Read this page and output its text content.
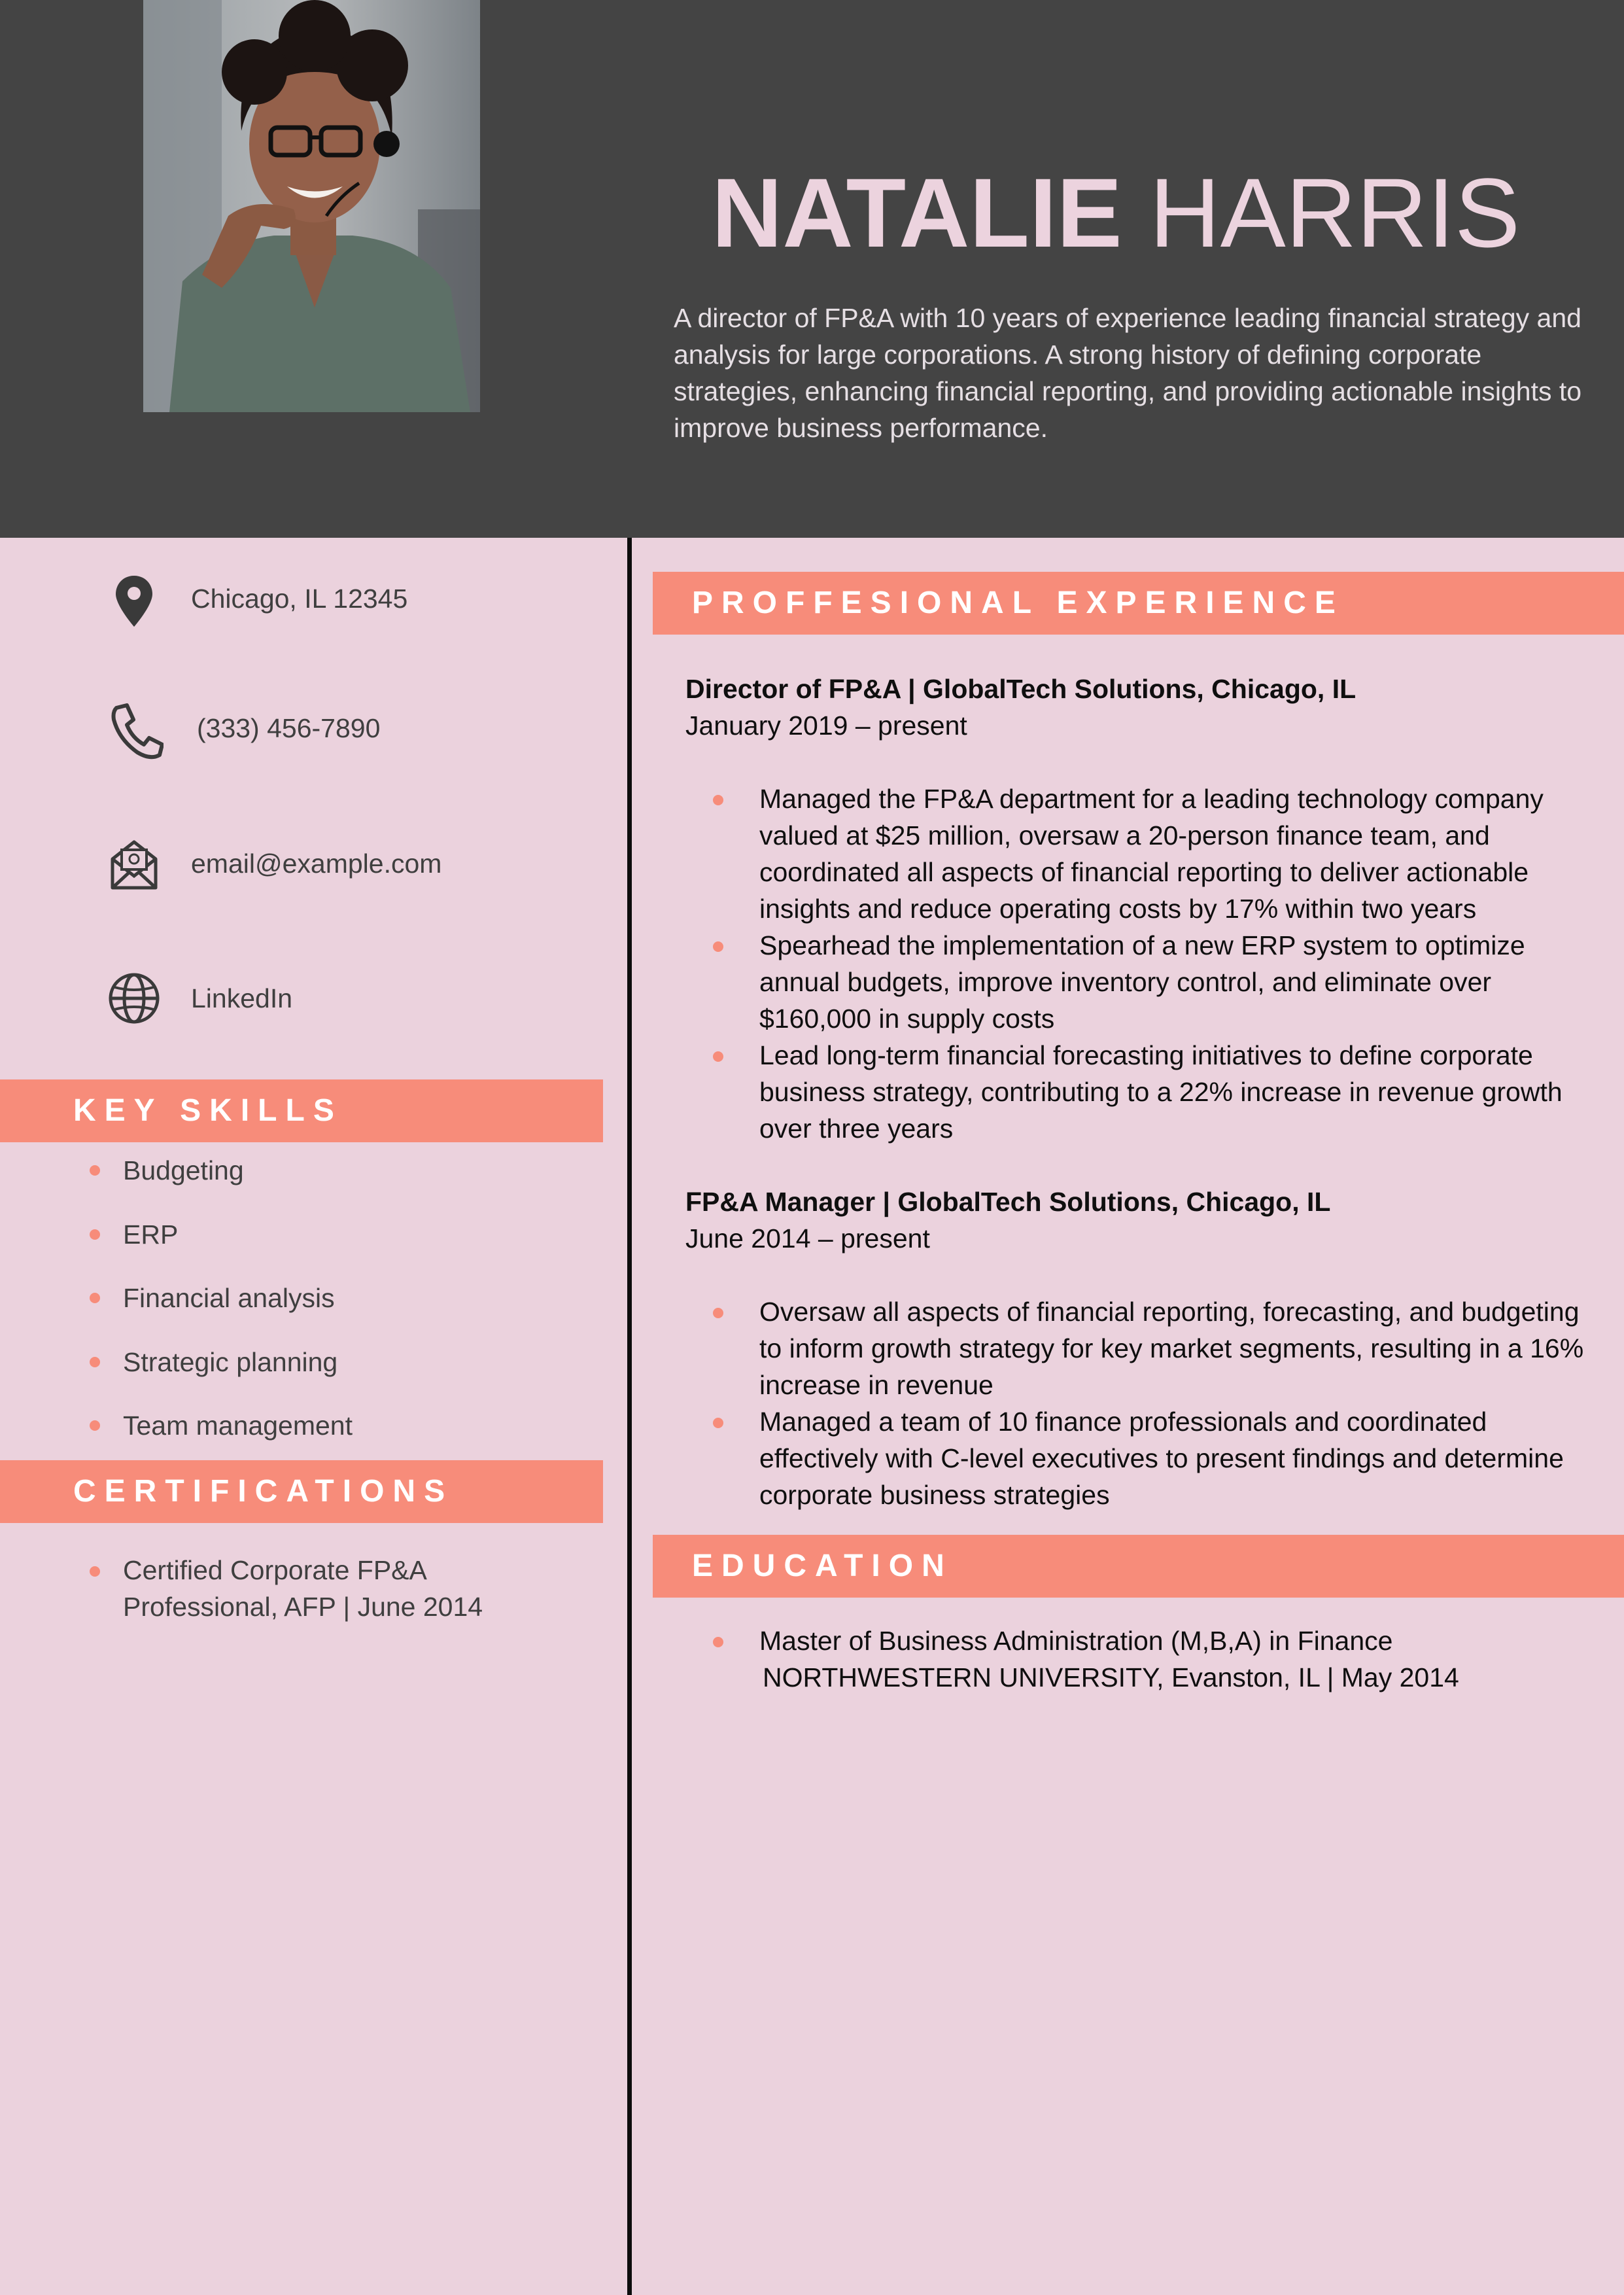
NATALIE HARRIS

A director of FP&A with 10 years of experience leading financial strategy and analysis for large corporations. A strong history of defining corporate strategies, enhancing financial reporting, and providing actionable insights to improve business performance.

Chicago, IL 12345
(333) 456-7890
email@example.com
LinkedIn
KEY SKILLS
Budgeting
ERP
Financial analysis
Strategic planning
Team management
CERTIFICATIONS
Certified Corporate FP&A
Professional, AFP | June 2014
PROFFESIONAL EXPERIENCE

Director of FP&A | GlobalTech Solutions, Chicago, IL

January 2019 – present

Managed the FP&A department for a leading technology company valued at $25 million, oversaw a 20-person finance team, and coordinated all aspects of financial reporting to deliver actionable insights and reduce operating costs by 17% within two years
Spearhead the implementation of a new ERP system to optimize annual budgets, improve inventory control, and eliminate over $160,000 in supply costs
Lead long-term financial forecasting initiatives to define corporate business strategy, contributing to a 22% increase in revenue growth over three years

FP&A Manager | GlobalTech Solutions, Chicago, IL

June 2014 – present

Oversaw all aspects of financial reporting, forecasting, and budgeting to inform growth strategy for key market segments, resulting in a 16% increase in revenue
Managed a team of 10 finance professionals and coordinated effectively with C-level executives to present findings and determine corporate business strategies
EDUCATION
Master of Business Administration (M,B,A) in Finance
NORTHWESTERN UNIVERSITY, Evanston, IL | May 2014
